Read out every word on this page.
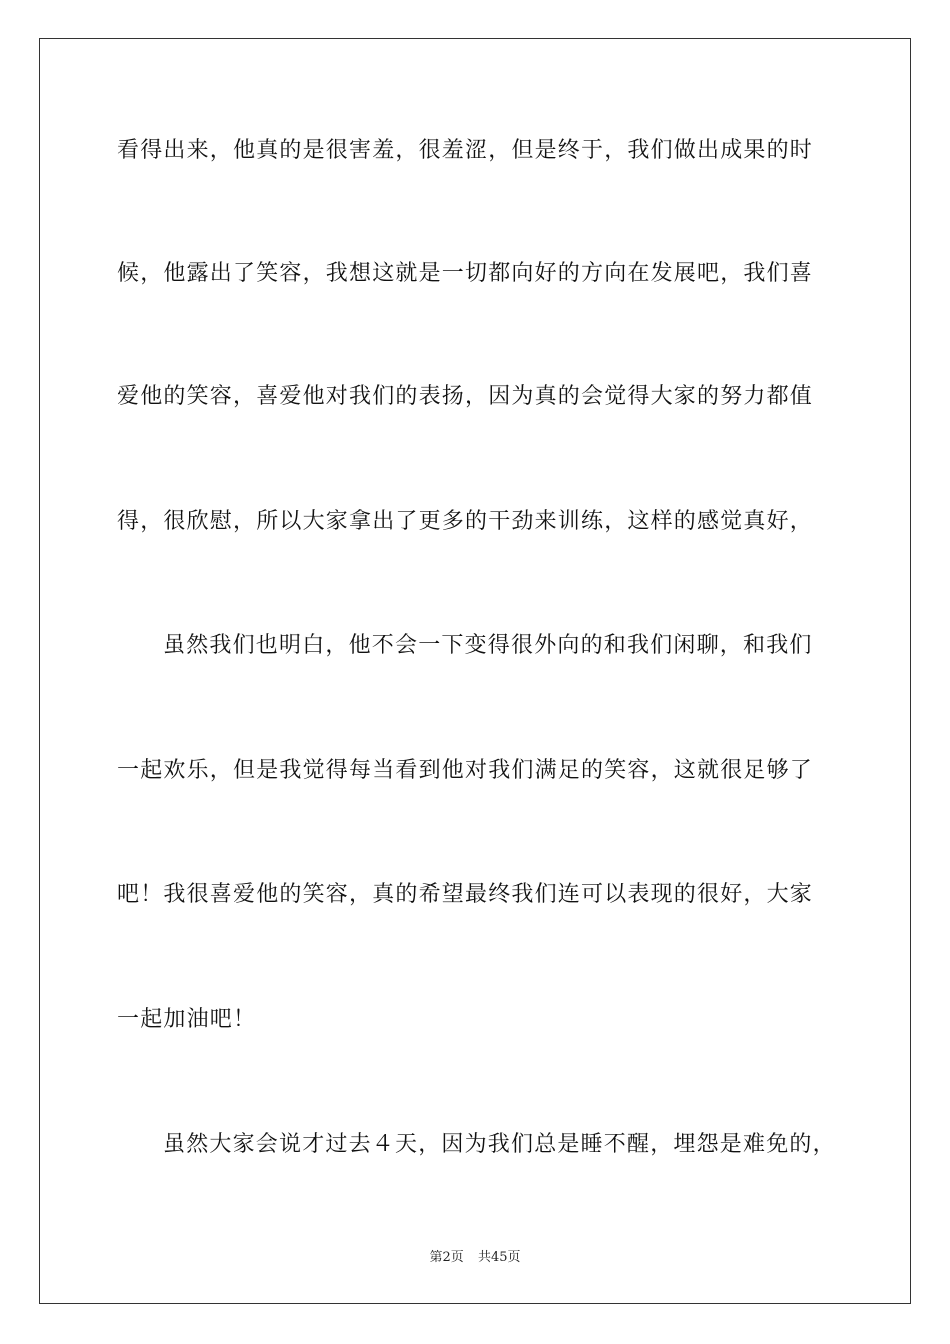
看得出来，他真的是很害羞，很羞涩，但是终于，我们做出成果的时
候，他露出了笑容，我想这就是一切都向好的方向在发展吧，我们喜
爱他的笑容，喜爱他对我们的表扬，因为真的会觉得大家的努力都值
得，很欣慰，所以大家拿出了更多的干劲来训练，这样的感觉真好，
虽然我们也明白，他不会一下变得很外向的和我们闲聊，和我们
一起欢乐，但是我觉得每当看到他对我们满足的笑容，这就很足够了
吧！我很喜爱他的笑容，真的希望最终我们连可以表现的很好，大家
一起加油吧！
虽然大家会说才过去４天，因为我们总是睡不醒，埋怨是难免的，
第2页 共45页
